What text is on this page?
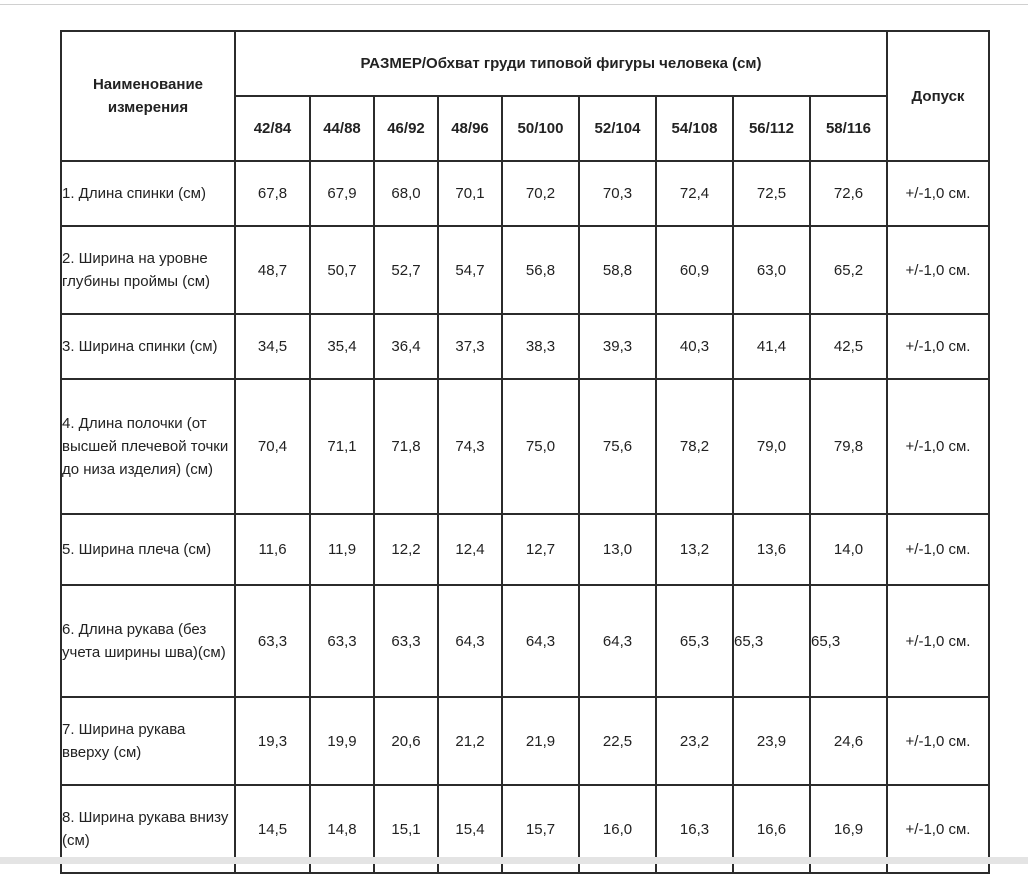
Наименование измерения	РАЗМЕР/Обхват груди типовой фигуры человека (см)									Допуск
	42/84	44/88	46/92	48/96	50/100	52/104	54/108	56/112	58/116	
1. Длина спинки (см)	67,8	67,9	68,0	70,1	70,2	70,3	72,4	72,5	72,6	+/-1,0 см.
2. Ширина на уровне глубины проймы (см)	48,7	50,7	52,7	54,7	56,8	58,8	60,9	63,0	65,2	+/-1,0 см.
3. Ширина спинки (см)	34,5	35,4	36,4	37,3	38,3	39,3	40,3	41,4	42,5	+/-1,0 см.
4. Длина полочки (от высшей плечевой точки до низа изделия) (см)	70,4	71,1	71,8	74,3	75,0	75,6	78,2	79,0	79,8	+/-1,0 см.
5. Ширина плеча (см)	11,6	11,9	12,2	12,4	12,7	13,0	13,2	13,6	14,0	+/-1,0 см.
6. Длина рукава (без учета ширины шва)(см)	63,3	63,3	63,3	64,3	64,3	64,3	65,3	65,3	65,3	+/-1,0 см.
7. Ширина рукава вверху (см)	19,3	19,9	20,6	21,2	21,9	22,5	23,2	23,9	24,6	+/-1,0 см.
8. Ширина рукава внизу (см)	14,5	14,8	15,1	15,4	15,7	16,0	16,3	16,6	16,9	+/-1,0 см.
